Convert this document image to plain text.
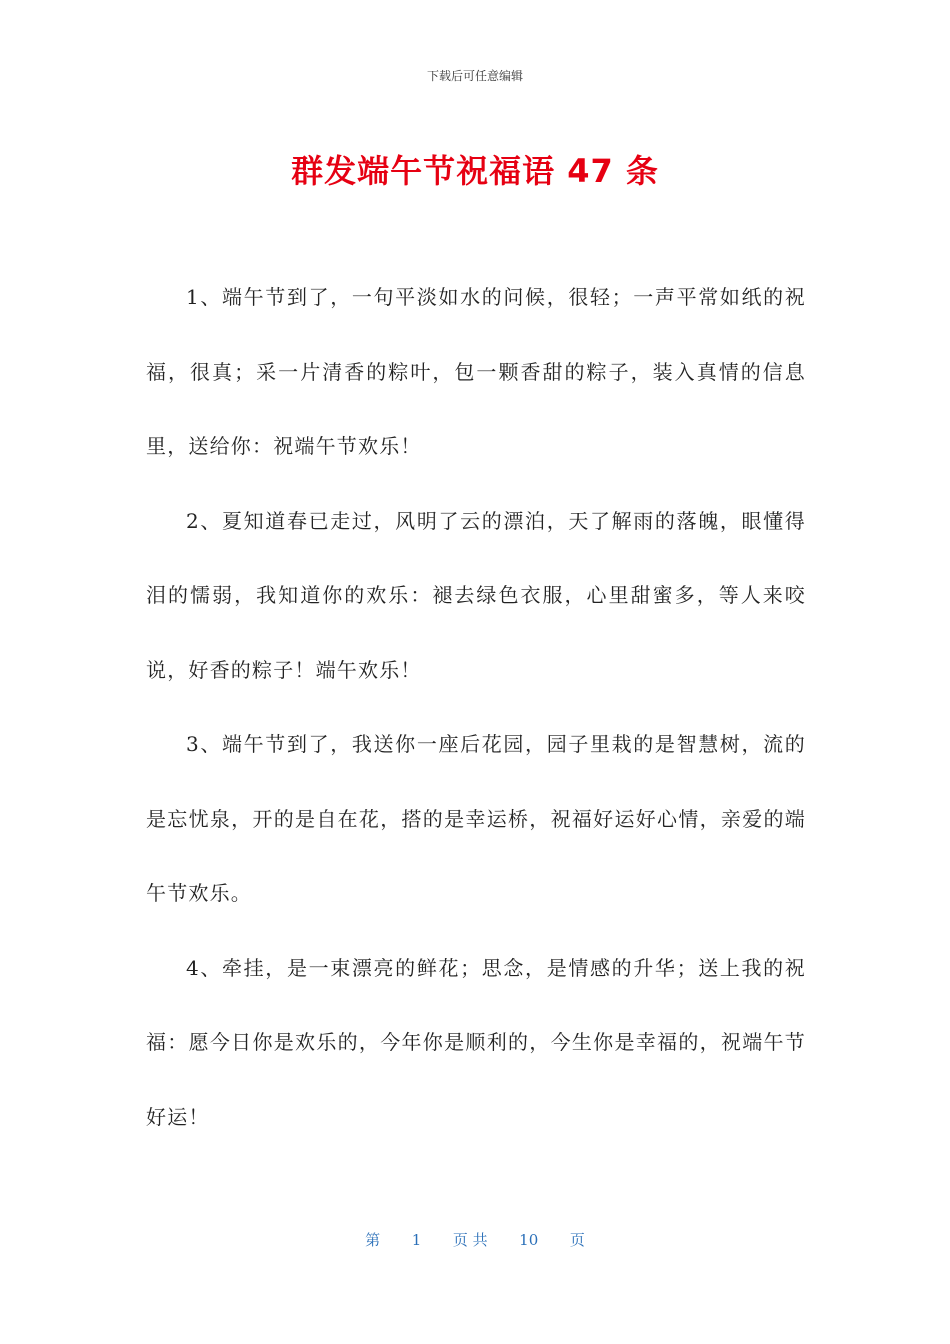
下载后可任意编辑
群发端午节祝福语 47 条

1、端午节到了，一句平淡如水的问候，很轻；一声平常如纸的祝福，很真；采一片清香的粽叶，包一颗香甜的粽子，装入真情的信息里，送给你：祝端午节欢乐！

2、夏知道春已走过，风明了云的漂泊，天了解雨的落魄，眼懂得泪的懦弱，我知道你的欢乐：褪去绿色衣服，心里甜蜜多，等人来咬说，好香的粽子！端午欢乐！

3、端午节到了，我送你一座后花园，园子里栽的是智慧树，流的是忘忧泉，开的是自在花，搭的是幸运桥，祝福好运好心情，亲爱的端午节欢乐。

4、牵挂，是一束漂亮的鲜花；思念，是情感的升华；送上我的祝福：愿今日你是欢乐的，今年你是顺利的，今生你是幸福的，祝端午节好运！

第 1 页 共 10 页
